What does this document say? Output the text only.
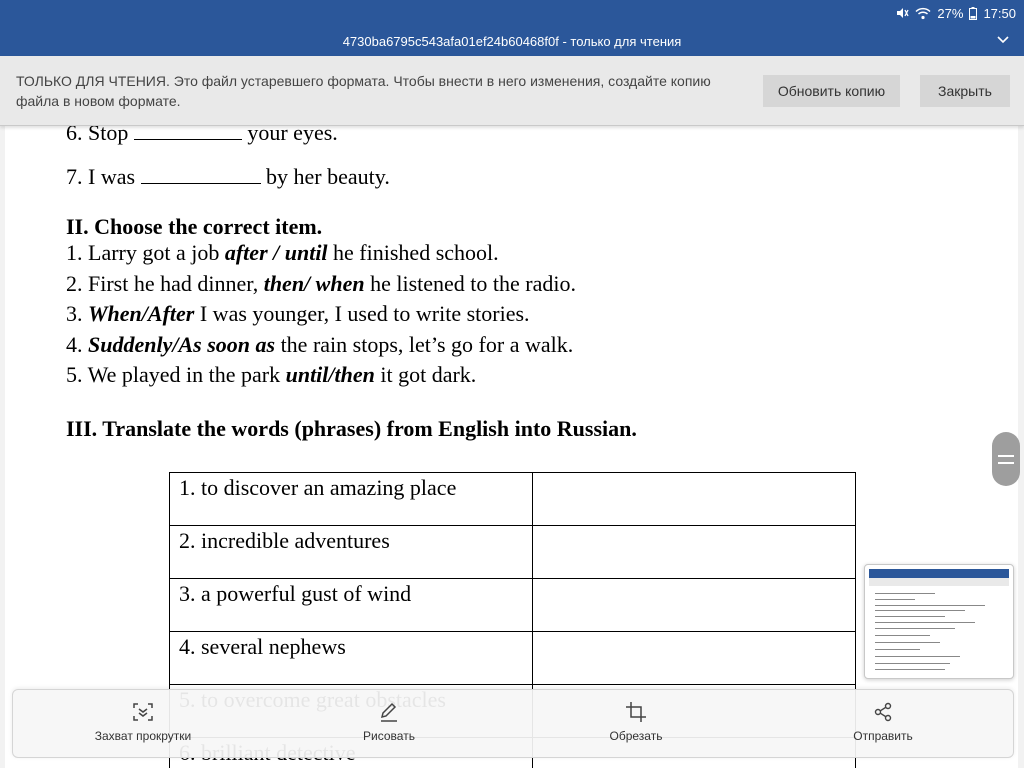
27% 17:50
4730ba6795c543afa01ef24b60468f0f - только для чтения
ТОЛЬКО ДЛЯ ЧТЕНИЯ. Это файл устаревшего формата. Чтобы внести в него изменения, создайте копию файла в новом формате.
Обновить копию	Закрыть
6. Stop	your eyes.
7. I was	by her beauty.
II. Choose the correct item.
1. Larry got a job after / until he finished school.
2. First he had dinner, then/ when he listened to the radio.
3. When/After I was younger, I used to write stories.
4. Suddenly/As soon as the rain stops, let’s go for a walk.
5. We played in the park until/then it got dark.
III. Translate the words (phrases) from English into Russian.
1. to discover an amazing place	
2. incredible adventures	
3. a powerful gust of wind	
4. several nephews	

Захват прокрутки	Рисовать	Обрезать	Отправить
